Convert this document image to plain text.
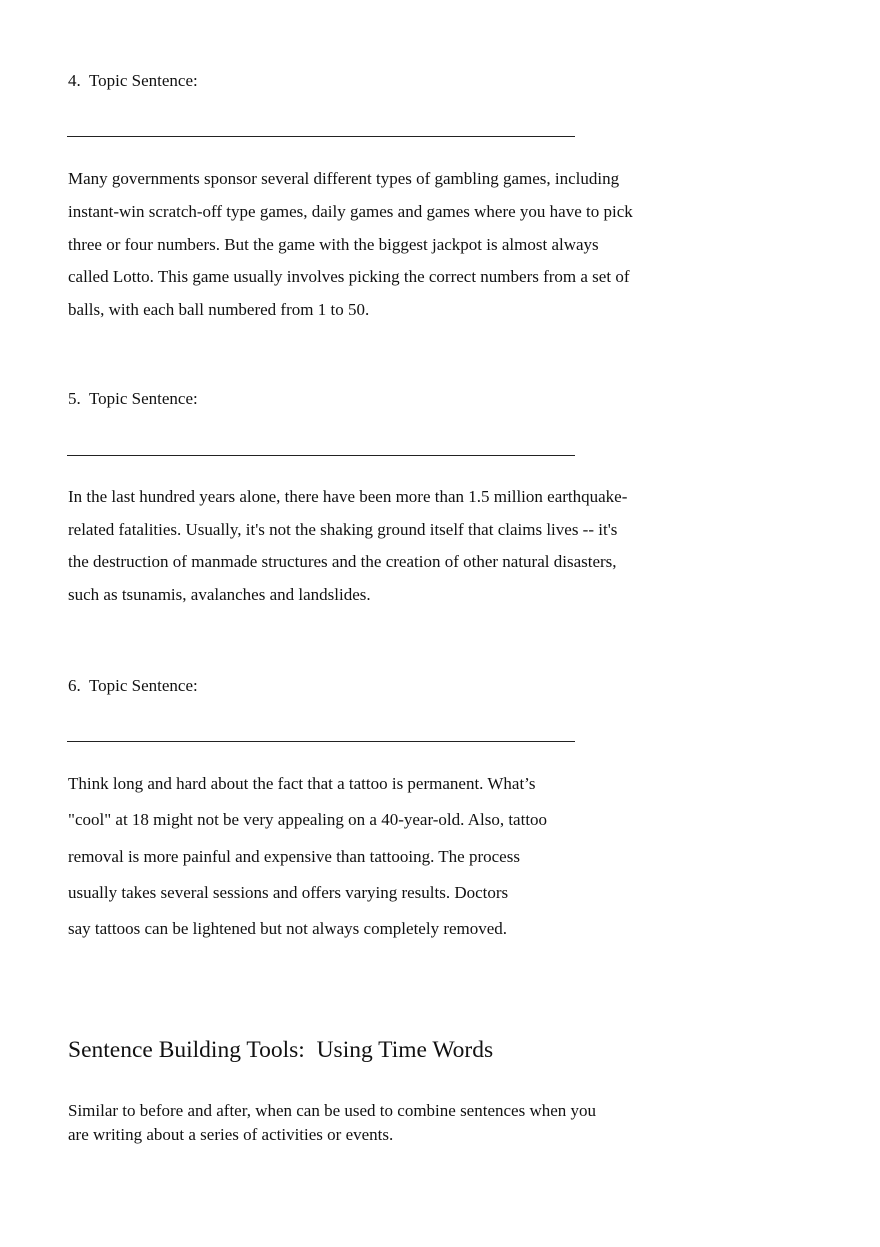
4.  Topic Sentence:
Many governments sponsor several different types of gambling games, including
instant-win scratch-off type games, daily games and games where you have to pick
three or four numbers. But the game with the biggest jackpot is almost always
called Lotto. This game usually involves picking the correct numbers from a set of
balls, with each ball numbered from 1 to 50.
5.  Topic Sentence:
In the last hundred years alone, there have been more than 1.5 million earthquake-
related fatalities. Usually, it's not the shaking ground itself that claims lives -- it's
the destruction of manmade structures and the creation of other natural disasters,
such as tsunamis, avalanches and landslides.
6.  Topic Sentence:
Think long and hard about the fact that a tattoo is permanent. What’s
"cool" at 18 might not be very appealing on a 40-year-old. Also, tattoo
removal is more painful and expensive than tattooing. The process
usually takes several sessions and offers varying results. Doctors
say tattoos can be lightened but not always completely removed.
Sentence Building Tools:  Using Time Words
Similar to before and after, when can be used to combine sentences when you
are writing about a series of activities or events.
